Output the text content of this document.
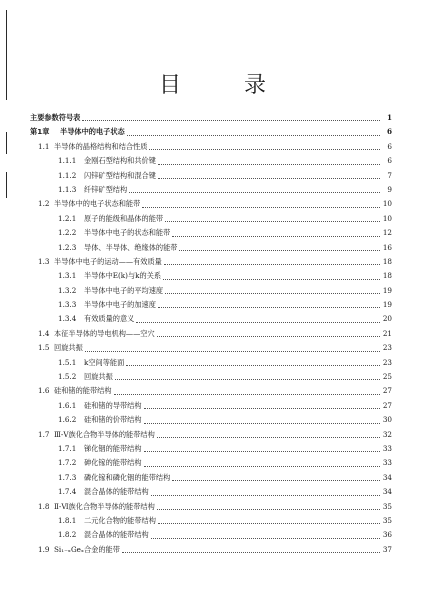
目 录
主要参数符号表	1
第1章	半导体中的电子状态	6
1.1 半导体的晶格结构和结合性质	6
1.1.1	金刚石型结构和共价键	6
1.1.2	闪锌矿型结构和混合键	7
1.1.3	纤锌矿型结构	9
1.2 半导体中的电子状态和能带	10
1.2.1	原子的能级和晶体的能带	10
1.2.2	半导体中电子的状态和能带	12
1.2.3	导体、半导体、绝缘体的能带	16
1.3 半导体中电子的运动——有效质量	18
1.3.1	半导体中E(k)与k的关系	18
1.3.2	半导体中电子的平均速度	19
1.3.3	半导体中电子的加速度	19
1.3.4	有效质量的意义	20
1.4 本征半导体的导电机构——空穴	21
1.5 回旋共振	23
1.5.1	k空间等能面	23
1.5.2	回旋共振	25
1.6 硅和锗的能带结构	27
1.6.1	硅和锗的导带结构	27
1.6.2	硅和锗的价带结构	30
1.7 Ⅲ-Ⅴ族化合物半导体的能带结构	32
1.7.1	锑化铟的能带结构	33
1.7.2	砷化镓的能带结构	33
1.7.3	磷化镓和磷化铟的能带结构	34
1.7.4	混合晶体的能带结构	34
1.8 Ⅱ-Ⅵ族化合物半导体的能带结构	35
1.8.1	二元化合物的能带结构	35
1.8.2	混合晶体的能带结构	36
1.9 Si₁₋ₓGeₓ合金的能带	37
